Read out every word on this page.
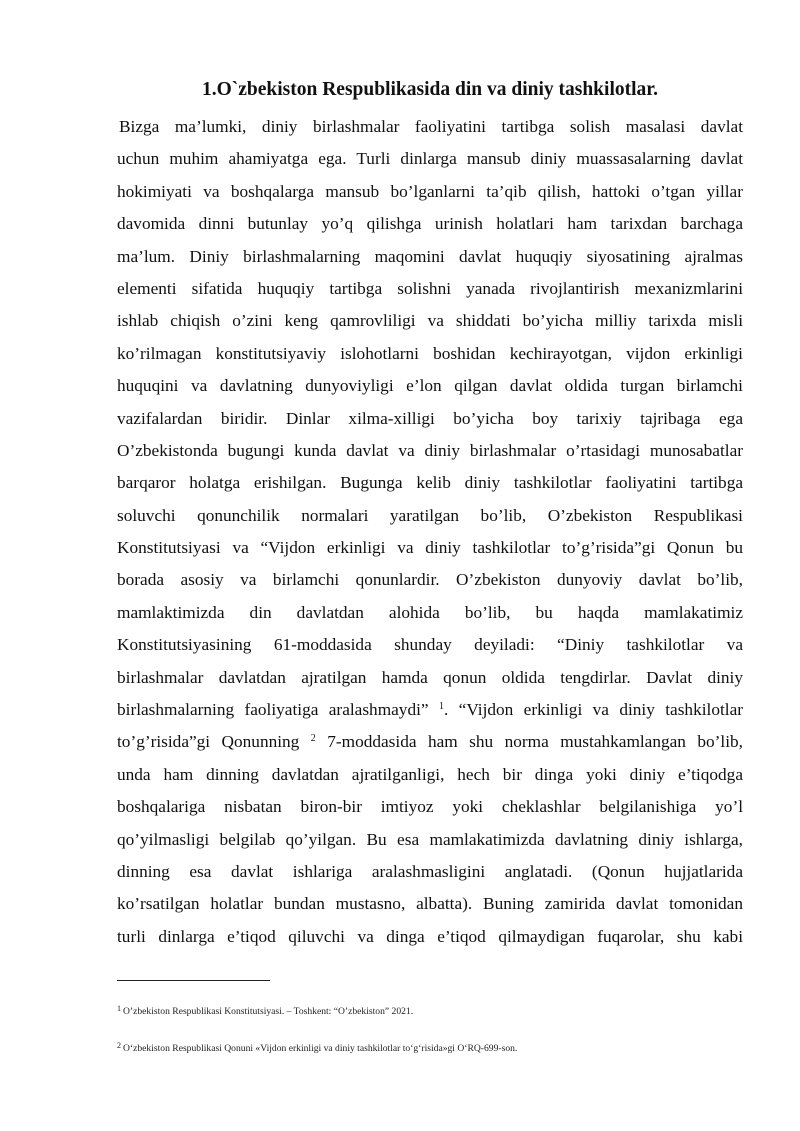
1.O`zbekiston Respublikasida din va diniy tashkilotlar.
Bizga ma’lumki, diniy birlashmalar faoliyatini tartibga solish masalasi davlat
uchun muhim ahamiyatga ega. Turli dinlarga mansub diniy muassasalarning davlat
hokimiyati va boshqalarga mansub bo’lganlarni ta’qib qilish, hattoki o’tgan yillar
davomida dinni butunlay yo’q qilishga urinish holatlari ham tarixdan barchaga
ma’lum. Diniy birlashmalarning maqomini davlat huquqiy siyosatining ajralmas
elementi sifatida huquqiy tartibga solishni yanada rivojlantirish mexanizmlarini
ishlab chiqish o’zini keng qamrovliligi va shiddati bo’yicha milliy tarixda misli
ko’rilmagan konstitutsiyaviy islohotlarni boshidan kechirayotgan, vijdon erkinligi
huquqini va davlatning dunyoviyligi e’lon qilgan davlat oldida turgan birlamchi
vazifalardan biridir. Dinlar xilma-xilligi bo’yicha boy tarixiy tajribaga ega
O’zbekistonda bugungi kunda davlat va diniy birlashmalar o’rtasidagi munosabatlar
barqaror holatga erishilgan. Bugunga kelib diniy tashkilotlar faoliyatini tartibga
soluvchi qonunchilik normalari yaratilgan bo’lib, O’zbekiston Respublikasi
Konstitutsiyasi va “Vijdon erkinligi va diniy tashkilotlar to’g’risida”gi Qonun bu
borada asosiy va birlamchi qonunlardir. O’zbekiston dunyoviy davlat bo’lib,
mamlaktimizda din davlatdan alohida bo’lib, bu haqda mamlakatimiz
Konstitutsiyasining 61-moddasida shunday deyiladi: “Diniy tashkilotlar va
birlashmalar davlatdan ajratilgan hamda qonun oldida tengdirlar. Davlat diniy
birlashmalarning faoliyatiga aralashmaydi” $^1$. “Vijdon erkinligi va diniy tashkilotlar
to’g’risida”gi Qonunning $^2$ 7-moddasida ham shu norma mustahkamlangan bo’lib,
unda ham dinning davlatdan ajratilganligi, hech bir dinga yoki diniy e’tiqodga
boshqalariga nisbatan biron-bir imtiyoz yoki cheklashlar belgilanishiga yo’l
qo’yilmasligi belgilab qo’yilgan. Bu esa mamlakatimizda davlatning diniy ishlarga,
dinning esa davlat ishlariga aralashmasligini anglatadi. (Qonun hujjatlarida
ko’rsatilgan holatlar bundan mustasno, albatta). Buning zamirida davlat tomonidan
turli dinlarga e’tiqod qiluvchi va dinga e’tiqod qilmaydigan fuqarolar, shu kabi
$^1$ O’zbekiston Respublikasi Konstitutsiyasi. – Toshkent: “O’zbekiston” 2021.
$^2$ O‘zbekiston Respublikasi Qonuni «Vijdon erkinligi va diniy tashkilotlar to‘g‘risida»gi O‘RQ-699-son.
